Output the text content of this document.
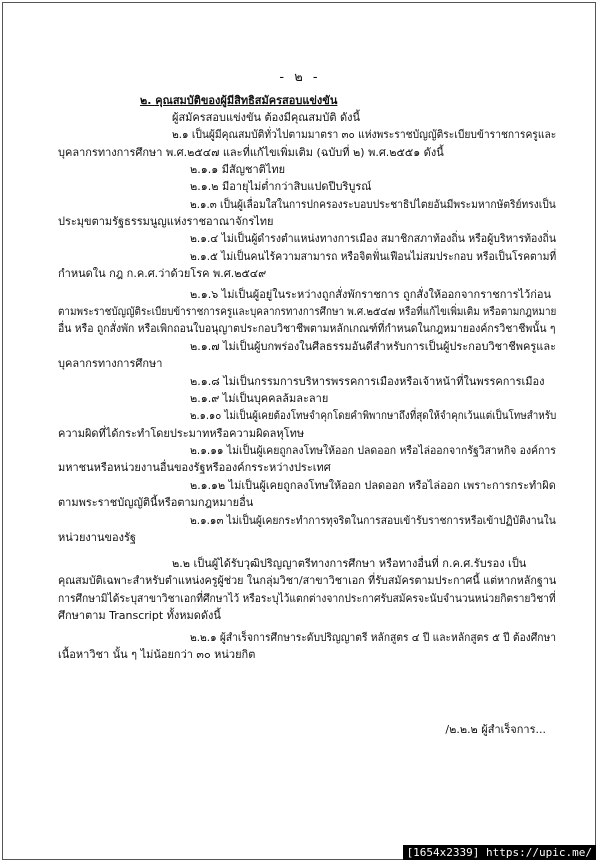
- ๒ -
๒. คุณสมบัติของผู้มีสิทธิสมัครสอบแข่งขัน
ผู้สมัครสอบแข่งขัน ต้องมีคุณสมบัติ ดังนี้
๒.๑ เป็นผู้มีคุณสมบัติทั่วไปตามมาตรา ๓๐ แห่งพระราชบัญญัติระเบียบข้าราชการครูและ
บุคลากรทางการศึกษา พ.ศ.๒๕๔๗ และที่แก้ไขเพิ่มเติม (ฉบับที่ ๒) พ.ศ.๒๕๕๑ ดังนี้
๒.๑.๑ มีสัญชาติไทย
๒.๑.๒ มีอายุไม่ต่ำกว่าสิบแปดปีบริบูรณ์
๒.๑.๓ เป็นผู้เลื่อมใสในการปกครองระบอบประชาธิปไตยอันมีพระมหากษัตริย์ทรงเป็น
ประมุขตามรัฐธรรมนูญแห่งราชอาณาจักรไทย
๒.๑.๔ ไม่เป็นผู้ดำรงตำแหน่งทางการเมือง สมาชิกสภาท้องถิ่น หรือผู้บริหารท้องถิ่น
๒.๑.๕ ไม่เป็นคนไร้ความสามารถ หรือจิตฟั่นเฟือนไม่สมประกอบ หรือเป็นโรคตามที่
กำหนดใน กฎ ก.ค.ศ.ว่าด้วยโรค พ.ศ.๒๕๔๙
๒.๑.๖ ไม่เป็นผู้อยู่ในระหว่างถูกสั่งพักราชการ ถูกสั่งให้ออกจากราชการไว้ก่อน
ตามพระราชบัญญัติระเบียบข้าราชการครูและบุคลากรทางการศึกษา พ.ศ.๒๕๔๗ หรือที่แก้ไขเพิ่มเติม หรือตามกฎหมาย
อื่น หรือ ถูกสั่งพัก หรือเพิกถอนใบอนุญาตประกอบวิชาชีพตามหลักเกณฑ์ที่กำหนดในกฎหมายองค์กรวิชาชีพนั้น ๆ
๒.๑.๗ ไม่เป็นผู้บกพร่องในศีลธรรมอันดีสำหรับการเป็นผู้ประกอบวิชาชีพครูและ
บุคลากรทางการศึกษา
๒.๑.๘ ไม่เป็นกรรมการบริหารพรรคการเมืองหรือเจ้าหน้าที่ในพรรคการเมือง
๒.๑.๙ ไม่เป็นบุคคลล้มละลาย
๒.๑.๑๐ ไม่เป็นผู้เคยต้องโทษจำคุกโดยคำพิพากษาถึงที่สุดให้จำคุกเว้นแต่เป็นโทษสำหรับ
ความผิดที่ได้กระทำโดยประมาทหรือความผิดลหุโทษ
๒.๑.๑๑ ไม่เป็นผู้เคยถูกลงโทษให้ออก ปลดออก หรือไล่ออกจากรัฐวิสาหกิจ องค์การ
มหาชนหรือหน่วยงานอื่นของรัฐหรือองค์กรระหว่างประเทศ
๒.๑.๑๒ ไม่เป็นผู้เคยถูกลงโทษให้ออก ปลดออก หรือไล่ออก เพราะการกระทำผิด
ตามพระราชบัญญัตินี้หรือตามกฎหมายอื่น
๒.๑.๑๓ ไม่เป็นผู้เคยกระทำการทุจริตในการสอบเข้ารับราชการหรือเข้าปฏิบัติงานใน
หน่วยงานของรัฐ
๒.๒ เป็นผู้ได้รับวุฒิปริญญาตรีทางการศึกษา หรือทางอื่นที่ ก.ค.ศ.รับรอง เป็น
คุณสมบัติเฉพาะสำหรับตำแหน่งครูผู้ช่วย ในกลุ่มวิชา/สาขาวิชาเอก ที่รับสมัครตามประกาศนี้ แต่หากหลักฐาน
การศึกษามิได้ระบุสาขาวิชาเอกที่ศึกษาไว้ หรือระบุไว้แตกต่างจากประกาศรับสมัครจะนับจำนวนหน่วยกิตรายวิชาที่
ศึกษาตาม Transcript ทั้งหมดดังนี้
๒.๒.๑ ผู้สำเร็จการศึกษาระดับปริญญาตรี หลักสูตร ๔ ปี และหลักสูตร ๕ ปี ต้องศึกษา
เนื้อหาวิชา นั้น ๆ ไม่น้อยกว่า ๓๐ หน่วยกิต
/๒.๒.๒ ผู้สำเร็จการ...
[1654x2339] https://upic.me/
